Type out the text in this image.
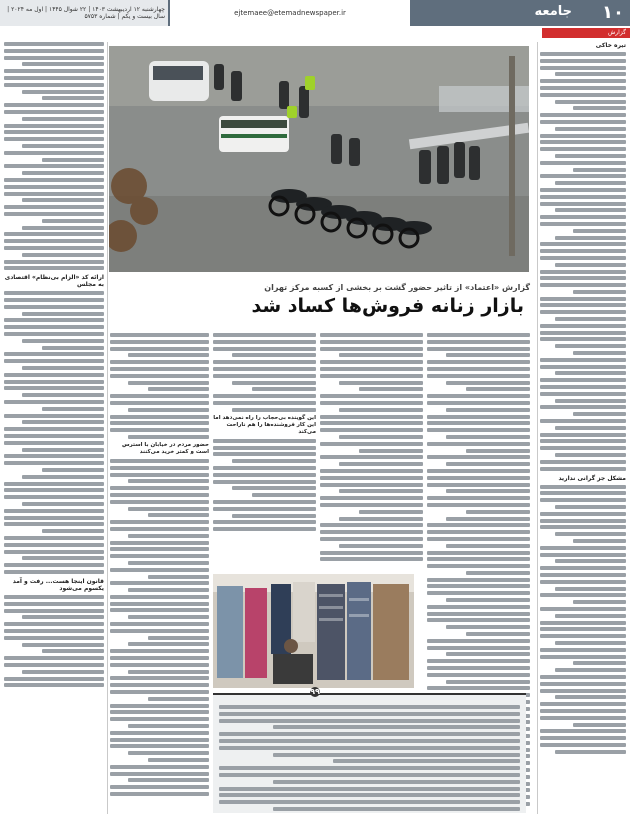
چهارشنبه ۱۲ اردیبهشت ۱۴۰۳ | ۲۲ شوال ۱۴۴۵ | اول مه ۲۰۲۴ | سال بیست و یکم | شماره ۵۷۵۳	ejtemaee@etemadnewspaper.ir	جامعه ۱۰
گزارش
تیره خاکی
مشکل جز گرانی ندارید
گزارش «اعتماد» از تاثیر حضور گشت بر بخشی از کسبه مرکز تهران
بازار زنانه فروش‌ها کساد شد
این گوینده بی‌حجاب را راه نمی‌دهد اما این کار فروشنده‌ها را هم ناراحت می‌کند
حضور مردم در خیابان با استرس است و کمتر خرید می‌کنند
۹۹
ارائه کد «الزام بی‌نظام» اقتصادی به مجلس
قانون اینجا هست... رفت و آمد یکسوم می‌شود
